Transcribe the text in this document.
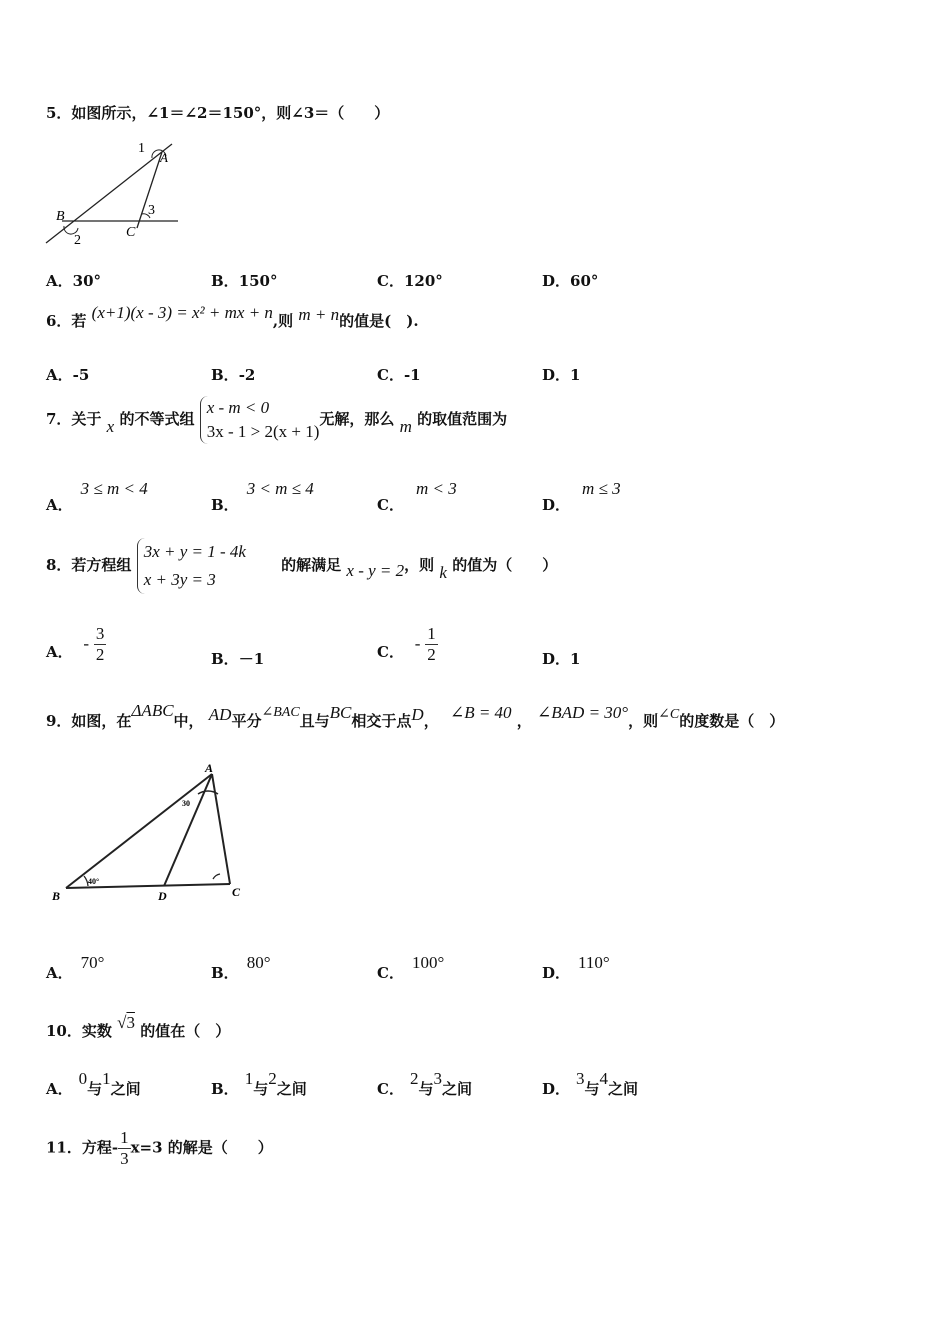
5．如图所示，∠1＝∠2＝150°，则∠3＝（　　）
1
A
B
2
C
3
A．30°	B．150°	C．120°	D．60°
6．若 (x+1)(x - 3) = x² + mx + n,则 m + n的值是(　).
A．-5	B．-2	C．-1	D．1
7．关于 x 的不等式组
x - m < 0
3x - 1 > 2(x + 1)
无解，那么 m 的取值范围为
A．3 ≤ m < 4
B．3 < m ≤ 4
C．m < 3
D．m ≤ 3
8．若方程组
3x + y = 1 - 4k
x + 3y = 3
的解满足 x - y = 2，则 k 的值为（　　）
A． - $\frac{3}{2}$	B．－1	C． - $\frac{1}{2}$	D．1
9．如图，在ΔABC中， AD平分∠BAC且与BC相交于点D， ∠B = 40 ， ∠BAD = 30°，则∠C的度数是（　）
A
B	D	C
40°
30
A．70°
B．80°
C．100°
D．110°
10．实数 √3 的值在（　）
A．0与1之间	B．1与2之间	C．2与3之间	D．3与4之间
11．方程- $\frac{1}{3} x=3$ 的解是（　　）
